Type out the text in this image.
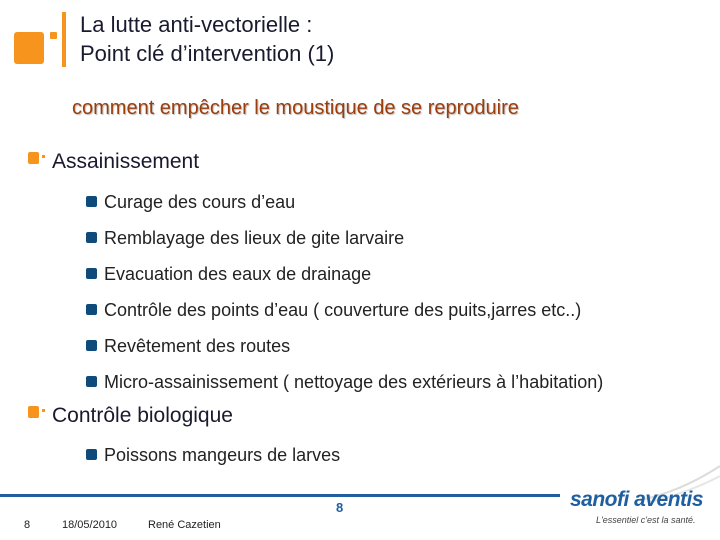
La lutte anti-vectorielle :
Point clé d’intervention (1)
comment empêcher le moustique de se reproduire
Assainissement
Curage des cours d’eau
Remblayage des lieux de gite larvaire
Evacuation des eaux de drainage
Contrôle des points d’eau ( couverture des puits,jarres etc..)
Revêtement des routes
Micro-assainissement ( nettoyage des extérieurs à l’habitation)
Contrôle biologique
Poissons mangeurs de larves
8
8	18/05/2010	René Cazetien
sanofi aventis
L'essentiel c'est la santé.
